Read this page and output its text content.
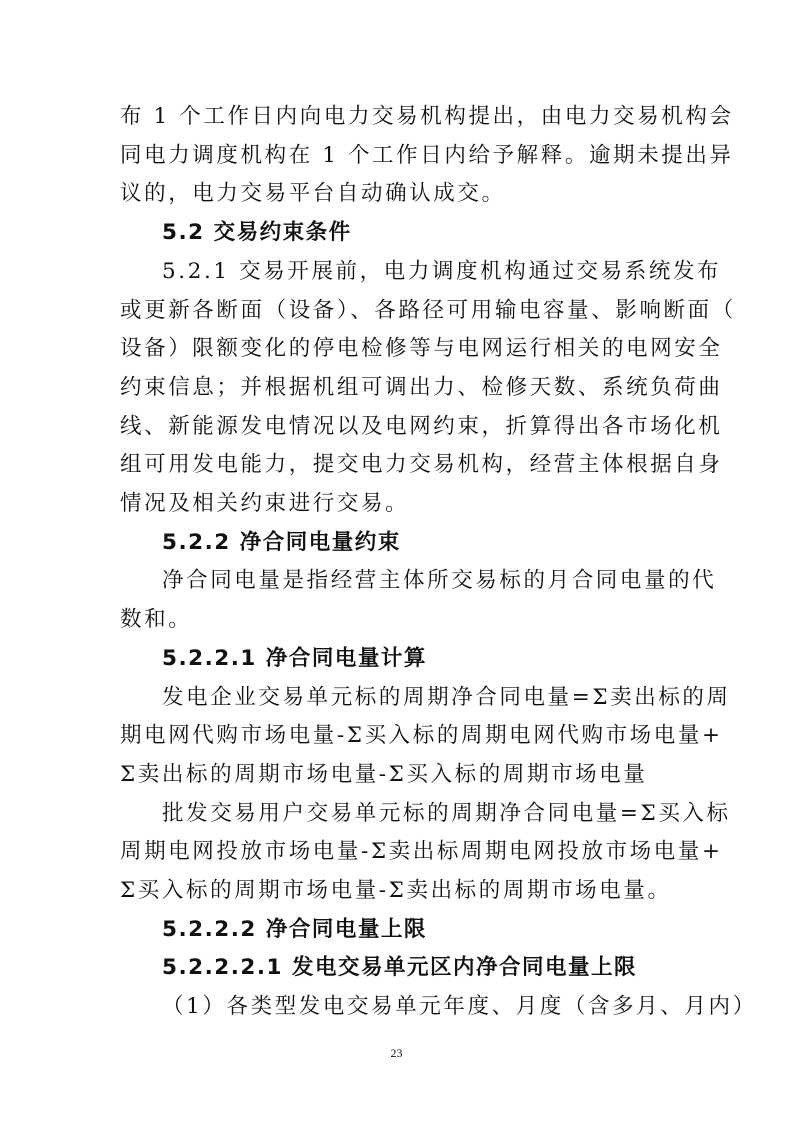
布 1 个工作日内向电力交易机构提出，由电力交易机构会
同电力调度机构在 1 个工作日内给予解释。逾期未提出异
议的，电力交易平台自动确认成交。
5.2 交易约束条件
5.2.1 交易开展前，电力调度机构通过交易系统发布
或更新各断面（设备）、各路径可用输电容量、影响断面（
设备）限额变化的停电检修等与电网运行相关的电网安全
约束信息；并根据机组可调出力、检修天数、系统负荷曲
线、新能源发电情况以及电网约束，折算得出各市场化机
组可用发电能力，提交电力交易机构，经营主体根据自身
情况及相关约束进行交易。
5.2.2 净合同电量约束
净合同电量是指经营主体所交易标的月合同电量的代
数和。
5.2.2.1 净合同电量计算
发电企业交易单元标的周期净合同电量=Σ卖出标的周
期电网代购市场电量-Σ买入标的周期电网代购市场电量+
Σ卖出标的周期市场电量-Σ买入标的周期市场电量
批发交易用户交易单元标的周期净合同电量=Σ买入标
周期电网投放市场电量-Σ卖出标周期电网投放市场电量+
Σ买入标的周期市场电量-Σ卖出标的周期市场电量。
5.2.2.2 净合同电量上限
5.2.2.2.1 发电交易单元区内净合同电量上限
（1）各类型发电交易单元年度、月度（含多月、月内）
23
